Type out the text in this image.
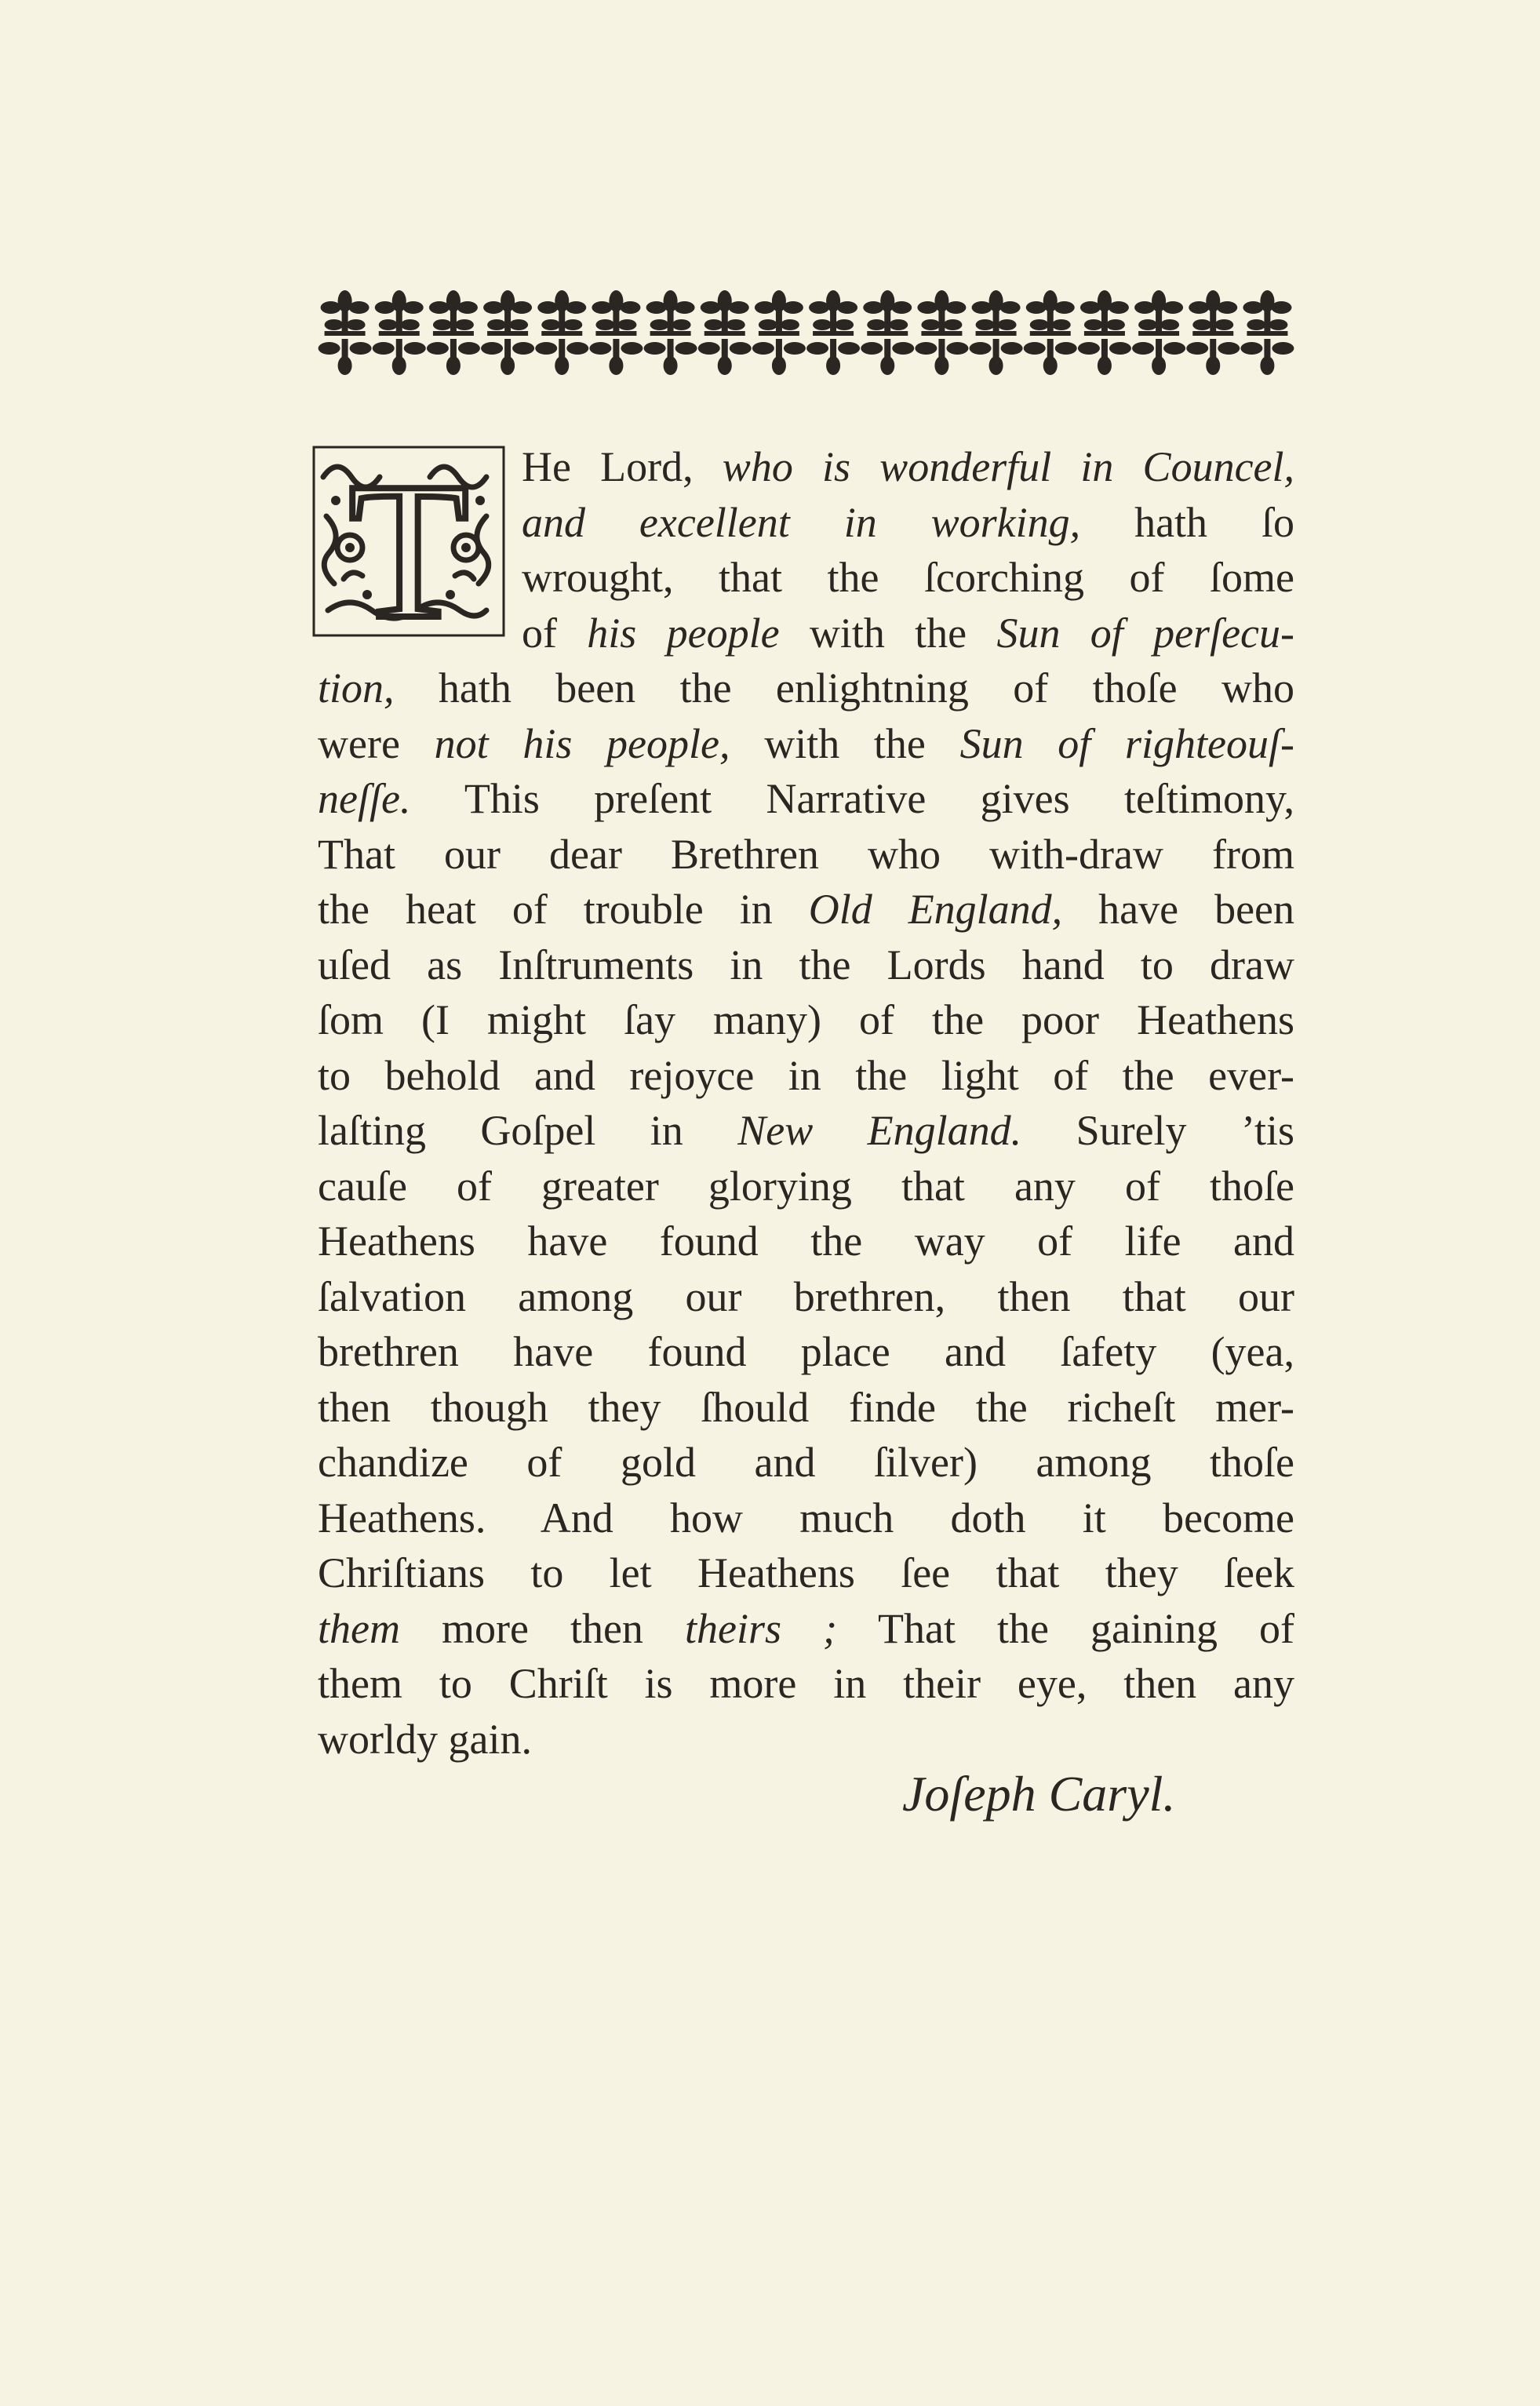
T	He Lord, who is wonderful in Councel,
and excellent in working, hath ſo
wrought, that the ſcorching of ſome
of his people with the Sun of perſecu-
tion, hath been the enlightning of thoſe who
were not his people, with the Sun of righteouſ-
neſſe. This preſent Narrative gives teſtimony,
That our dear Brethren who with-draw from
the heat of trouble in Old England, have been
uſed as Inſtruments in the Lords hand to draw
ſom (I might ſay many) of the poor Heathens
to behold and rejoyce in the light of the ever-
laſting Goſpel in New England. Surely ’tis
cauſe of greater glorying that any of thoſe
Heathens have found the way of life and
ſalvation among our brethren, then that our
brethren have found place and ſafety (yea,
then though they ſhould finde the richeſt mer-
chandize of gold and ſilver) among thoſe
Heathens. And how much doth it become
Chriſtians to let Heathens ſee that they ſeek
them more then theirs ; That the gaining of
them to Chriſt is more in their eye, then any
worldy gain.
Joſeph Caryl.
